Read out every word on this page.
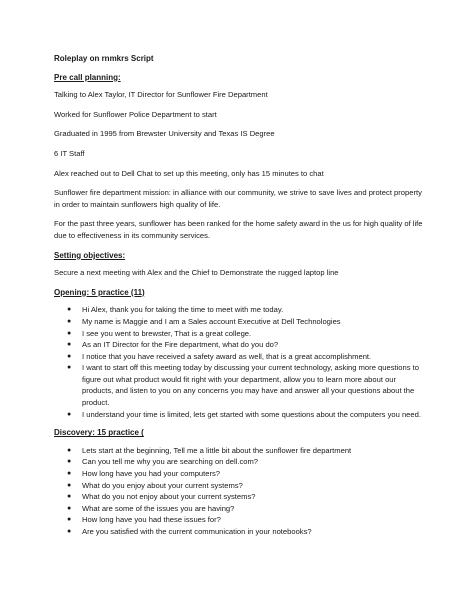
Roleplay on rnmkrs Script
Pre call planning:
Talking to Alex Taylor, IT Director for Sunflower Fire Department
Worked for Sunflower Police Department to start
Graduated in 1995 from Brewster University and Texas IS Degree
6 IT Staff
Alex reached out to Dell Chat to set up this meeting, only has 15 minutes to chat
Sunflower fire department mission: in alliance with our community, we strive to save lives and protect property in order to maintain sunflowers high quality of life.
For the past three years, sunflower has been ranked for the home safety award in the us for high quality of life due to effectiveness in its community services.
Setting objectives:
Secure a next meeting with Alex and the Chief to Demonstrate the rugged laptop line
Opening: 5 practice (11)
● Hi Alex, thank you for taking the time to meet with me today.
● My name is Maggie and I am a Sales account Executive at Dell Technologies
● I see you went to brewster, That is a great college.
● As an IT Director for the Fire department, what do you do?
● I notice that you have received a safety award as well, that is a great accomplishment.
● I want to start off this meeting today by discussing your current technology, asking more questions to figure out what product would fit right with your department, allow you to learn more about our products, and listen to you on any concerns you may have and answer all your questions about the product.
● I understand your time is limited, lets get started with some questions about the computers you need.
Discovery: 15 practice (
● Lets start at the beginning, Tell me a little bit about the sunflower fire department
● Can you tell me why you are searching on dell.com?
● How long have you had your computers?
● What do you enjoy about your current systems?
● What do you not enjoy about your current systems?
● What are some of the issues you are having?
● How long have you had these issues for?
● Are you satisfied with the current communication in your notebooks?
